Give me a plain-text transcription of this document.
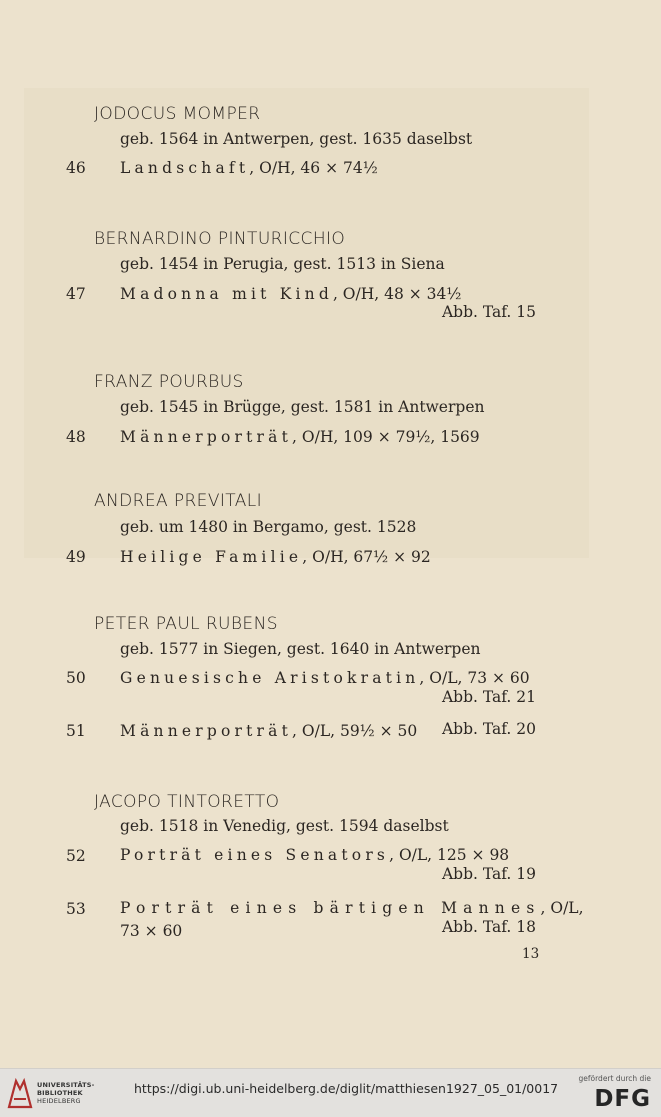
JODOCUS MOMPER
geb. 1564 in Antwerpen, gest. 1635 daselbst
46 Landschaft, O/H, 46 × 74½
BERNARDINO PINTURICCHIO
geb. 1454 in Perugia, gest. 1513 in Siena
47 Madonna mit Kind, O/H, 48 × 34½
Abb. Taf. 15
FRANZ POURBUS
geb. 1545 in Brügge, gest. 1581 in Antwerpen
48 Männerporträt, O/H, 109 × 79½, 1569
ANDREA PREVITALI
geb. um 1480 in Bergamo, gest. 1528
49 Heilige Familie, O/H, 67½ × 92
PETER PAUL RUBENS
geb. 1577 in Siegen, gest. 1640 in Antwerpen
50 Genuesische Aristokratin, O/L, 73 × 60
Abb. Taf. 21
51 Männerporträt, O/L, 59½ × 50 Abb. Taf. 20
JACOPO TINTORETTO
geb. 1518 in Venedig, gest. 1594 daselbst
52 Porträt eines Senators, O/L, 125 × 98
Abb. Taf. 19
53 Porträt eines bärtigen Mannes, O/L,
73 × 60	Abb. Taf. 18
13
UNIVERSITÄTS-
BIBLIOTHEK
HEIDELBERG
https://digi.ub.uni-heidelberg.de/diglit/matthiesen1927_05_01/0017
gefördert durch die
DFG
